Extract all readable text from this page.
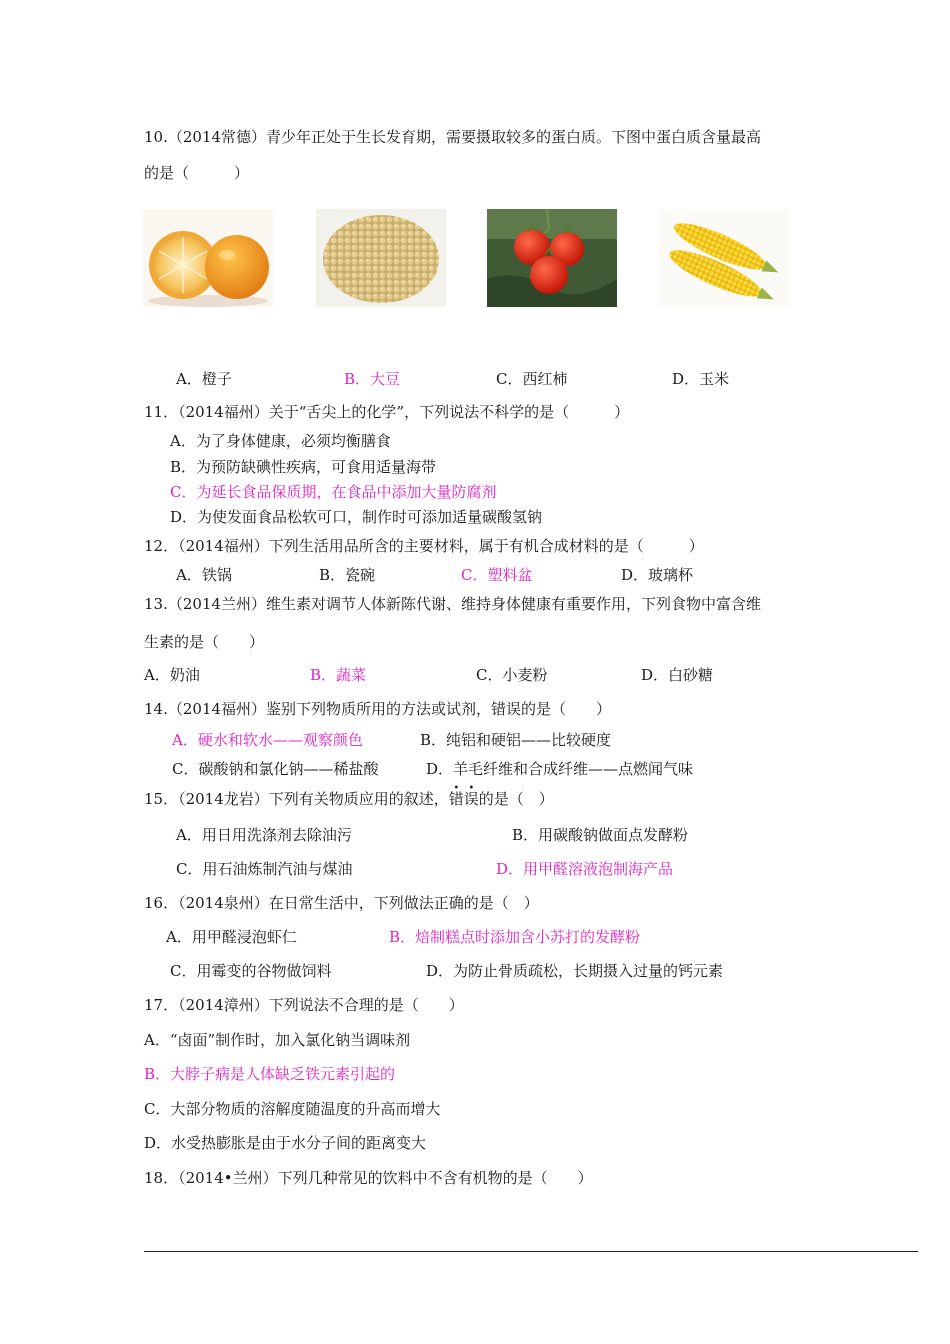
10.（2014常德）青少年正处于生长发育期，需要摄取较多的蛋白质。下图中蛋白质含量最高
的是（　　　）
A．橙子	B．大豆	C．西红柿	D．玉米
11．（2014福州）关于“舌尖上的化学”，下列说法不科学的是（　　　）
A．为了身体健康，必须均衡膳食
B．为预防缺碘性疾病，可食用适量海带
C．为延长食品保质期，在食品中添加大量防腐剂
D．为使发面食品松软可口，制作时可添加适量碳酸氢钠
12．（2014福州）下列生活用品所含的主要材料，属于有机合成材料的是（　　　）
A．铁锅	B．瓷碗	C．塑料盆	D．玻璃杯
13.（2014兰州）维生素对调节人体新陈代谢、维持身体健康有重要作用，下列食物中富含维
生素的是（　　）
A．奶油	B．蔬菜	C．小麦粉	D．白砂糖
14.（2014福州）鉴别下列物质所用的方法或试剂，错误的是（　　）
A．硬水和软水——观察颜色	B．纯铝和硬铝——比较硬度
C．碳酸钠和氯化钠——稀盐酸	D．羊毛纤维和合成纤维——点燃闻气味
15．（2014龙岩）下列有关物质应用的叙述，错误的是（　）
A．用日用洗涤剂去除油污	B．用碳酸钠做面点发酵粉
C．用石油炼制汽油与煤油	D．用甲醛溶液泡制海产品
16．（2014泉州）在日常生活中，下列做法正确的是（　）
A．用甲醛浸泡虾仁	B．焙制糕点时添加含小苏打的发酵粉
C．用霉变的谷物做饲料	D．为防止骨质疏松，长期摄入过量的钙元素
17．（2014漳州）下列说法不合理的是（　　）
A．“卤面”制作时，加入氯化钠当调味剂
B．大脖子病是人体缺乏铁元素引起的
C．大部分物质的溶解度随温度的升高而增大
D．水受热膨胀是由于水分子间的距离变大
18．（2014•兰州）下列几种常见的饮料中不含有机物的是（　　）
